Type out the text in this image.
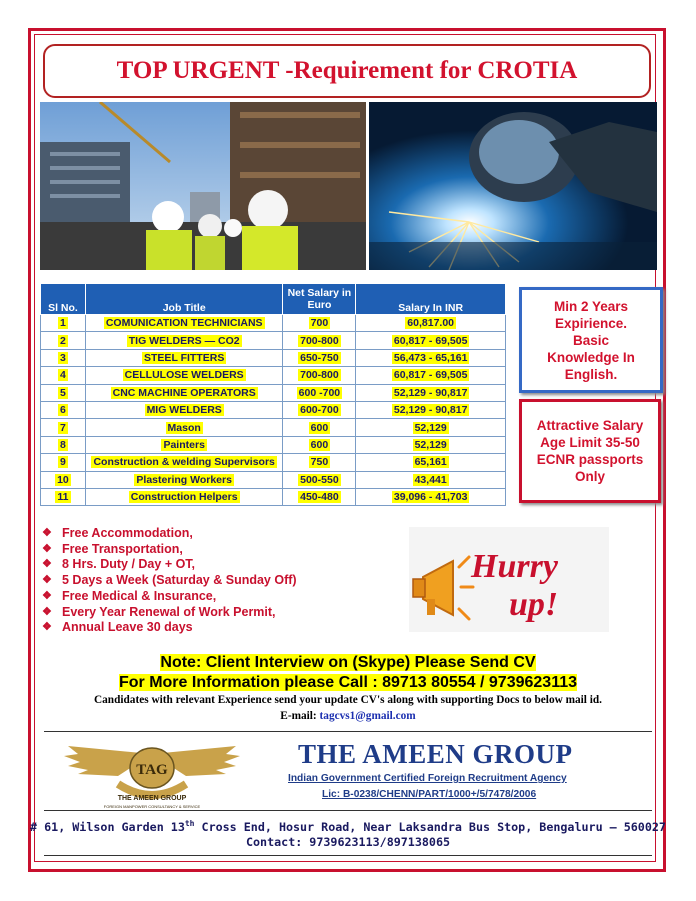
TOP URGENT -Requirement for CROTIA
Sl No.	Job Title	Net Salary in Euro	Salary In INR
1	COMUNICATION TECHNICIANS	700	60,817.00
2	TIG WELDERS — CO2	700-800	60,817 - 69,505
3	STEEL FITTERS	650-750	56,473 - 65,161
4	CELLULOSE WELDERS	700-800	60,817 - 69,505
5	CNC MACHINE OPERATORS	600 -700	52,129 - 90,817
6	MIG WELDERS	600-700	52,129 - 90,817
7	Mason	600	52,129
8	Painters	600	52,129
9	Construction & welding Supervisors	750	65,161
10	Plastering Workers	500-550	43,441
11	Construction Helpers	450-480	39,096 - 41,703
Min 2 Years
Expirience.
Basic
Knowledge In
English.
Attractive Salary
Age Limit 35-50
ECNR passports
Only
❖ Free Accommodation,
❖ Free Transportation,
❖ 8 Hrs. Duty / Day + OT,
❖ 5 Days a Week (Saturday & Sunday Off)
❖ Free Medical & Insurance,
❖ Every Year Renewal of Work Permit,
❖ Annual Leave 30 days
Hurry
up!
Note: Client Interview on (Skype) Please Send CV
For More Information please Call : 89713 80554 / 9739623113
Candidates with relevant Experience send your update CV's along with supporting Docs to below mail id.
E-mail: tagcvs1@gmail.com
TAG
THE AMEEN GROUP
FOREIGN MANPOWER CONSULTANCY & SERVICE
THE AMEEN GROUP
Indian Government Certified Foreign Recruitment Agency
Lic: B-0238/CHENN/PART/1000+/5/7478/2006
# 61, Wilson Garden 13th Cross End, Hosur Road, Near Laksandra Bus Stop, Bengaluru – 560027
Contact: 9739623113/897138065
